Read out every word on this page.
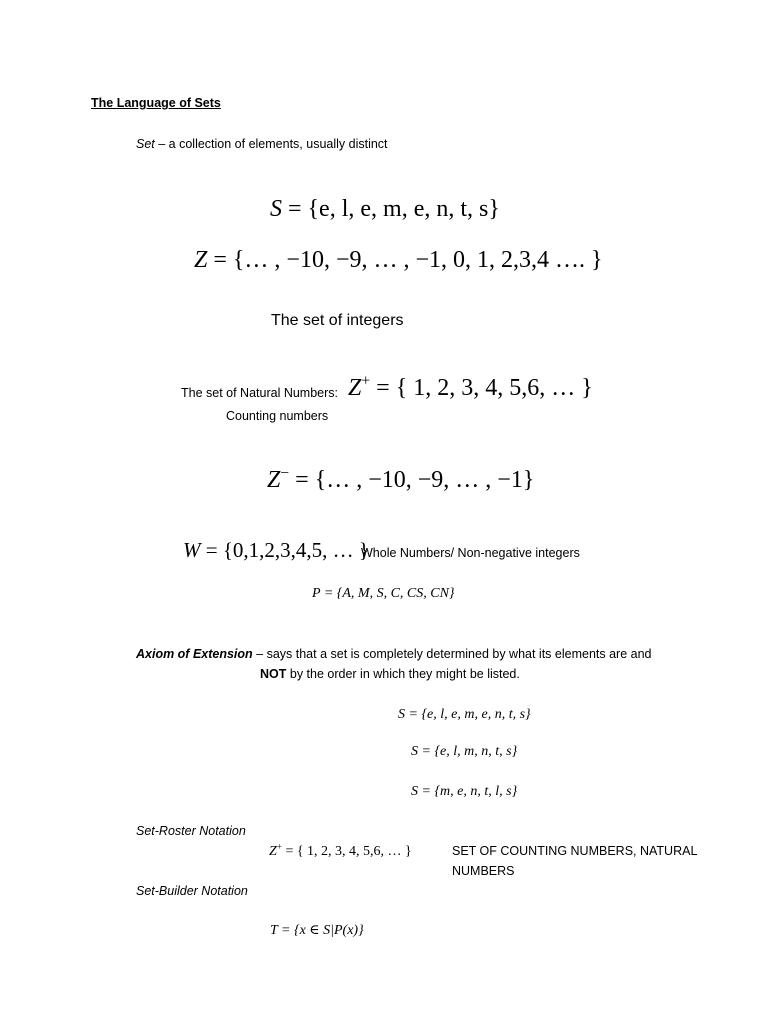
The Language of Sets
Set – a collection of elements, usually distinct
S = {e, l, e, m, e, n, t, s}
Z = {… , −10, −9, … , −1, 0, 1, 2,3,4 …. }
The set of integers
The set of Natural Numbers: Z+ = { 1, 2, 3, 4, 5,6, … }
Counting numbers
Z− = {… , −10, −9, … , −1}
W = {0,1,2,3,4,5, … }
Whole Numbers/ Non-negative integers
P = {A, M, S, C, CS, CN}
Axiom of Extension – says that a set is completely determined by what its elements are and
NOT by the order in which they might be listed.
S = {e, l, e, m, e, n, t, s}
S = {e, l, m, n, t, s}
S = {m, e, n, t, l, s}
Set-Roster Notation
Z+ = { 1, 2, 3, 4, 5,6, … }	SET OF COUNTING NUMBERS, NATURAL
NUMBERS
Set-Builder Notation
T = {x ∈ S|P(x)}
